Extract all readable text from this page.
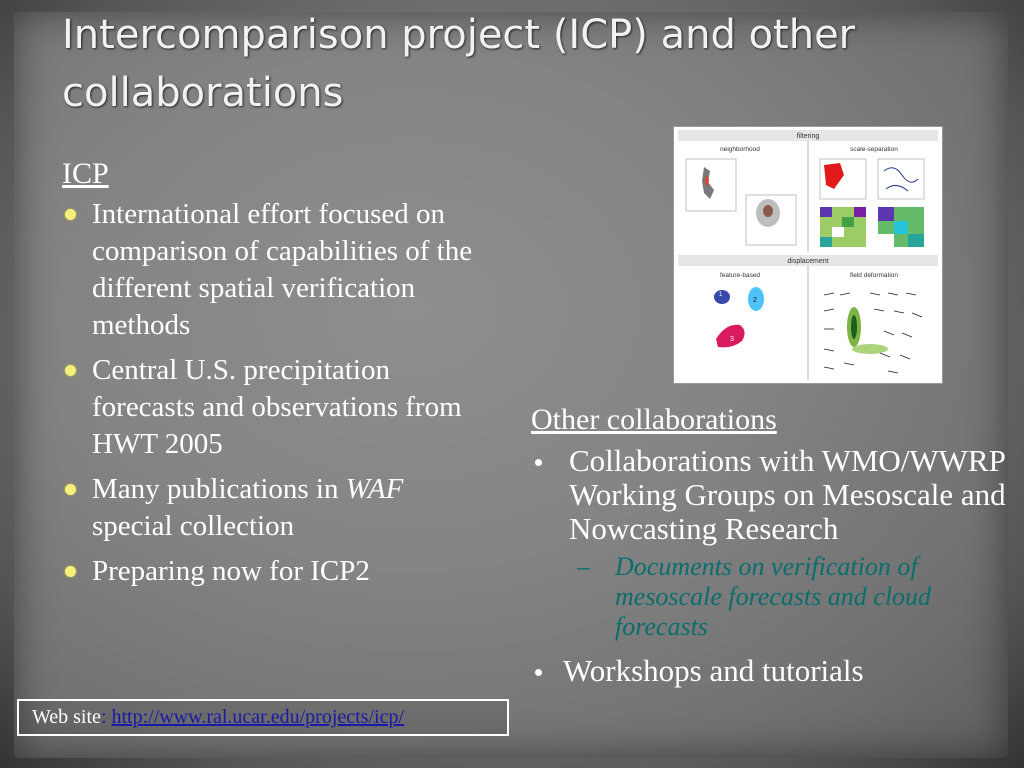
Intercomparison project (ICP) and other collaborations
ICP
International effort focused on comparison of capabilities of the different spatial verification methods
Central U.S. precipitation forecasts and observations from HWT 2005
Many publications in WAF special collection
Preparing now for ICP2
filtering
neighborhood	scale-separation
displacement
feature-based	field deformation
1
2
3
Other collaborations
Collaborations with WMO/WWRP Working Groups on Mesoscale and Nowcasting Research
– Documents on verification of mesoscale forecasts and cloud forecasts
Workshops and tutorials
Web site: http://www.ral.ucar.edu/projects/icp/
